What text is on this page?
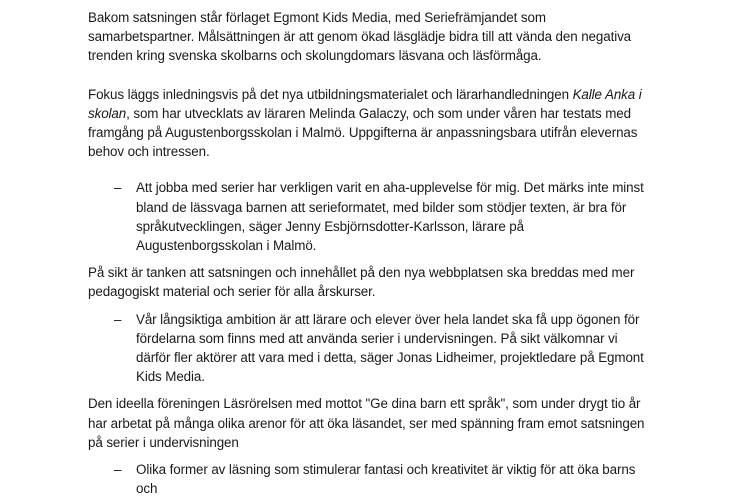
Bakom satsningen står förlaget Egmont Kids Media, med Seriefrämjandet som samarbetspartner. Målsättningen är att genom ökad läsglädje bidra till att vända den negativa trenden kring svenska skolbarns och skolungdomars läsvana och läsförmåga.

Fokus läggs inledningsvis på det nya utbildningsmaterialet och lärarhandledningen Kalle Anka i skolan, som har utvecklats av läraren Melinda Galaczy, och som under våren har testats med framgång på Augustenborgsskolan i Malmö. Uppgifterna är anpassningsbara utifrån elevernas behov och intressen.

– Att jobba med serier har verkligen varit en aha-upplevelse för mig. Det märks inte minst bland de lässvaga barnen att serieformatet, med bilder som stödjer texten, är bra för språkutvecklingen, säger Jenny Esbjörnsdotter-Karlsson, lärare på Augustenborgsskolan i Malmö.

På sikt är tanken att satsningen och innehållet på den nya webbplatsen ska breddas med mer pedagogiskt material och serier för alla årskurser.

– Vår långsiktiga ambition är att lärare och elever över hela landet ska få upp ögonen för fördelarna som finns med att använda serier i undervisningen. På sikt välkomnar vi därför fler aktörer att vara med i detta, säger Jonas Lidheimer, projektledare på Egmont Kids Media.

Den ideella föreningen Läsrörelsen med mottot "Ge dina barn ett språk", som under drygt tio år har arbetat på många olika arenor för att öka läsandet, ser med spänning fram emot satsningen på serier i undervisningen

– Olika former av läsning som stimulerar fantasi och kreativitet är viktig för att öka barns och
